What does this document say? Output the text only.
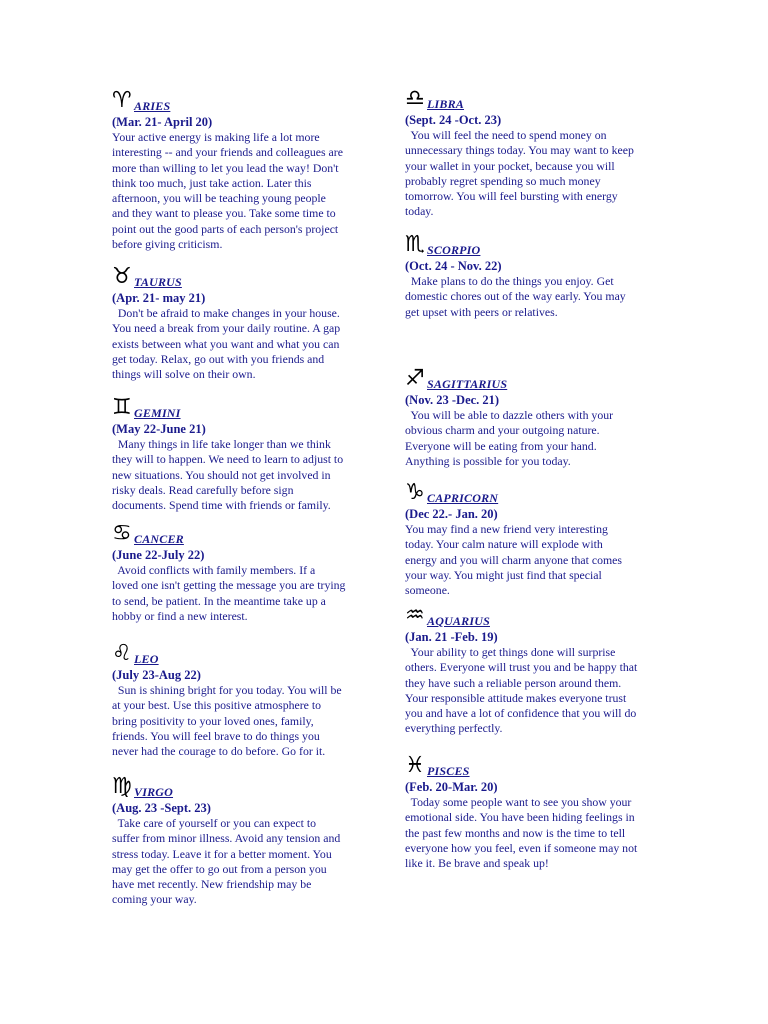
♈ ARIES
(Mar. 21- April 20)

Your active energy is making life a lot more
interesting -- and your friends and colleagues are
more than willing to let you lead the way! Don't
think too much, just take action. Later this
afternoon, you will be teaching young people
and they want to please you. Take some time to
point out the good parts of each person's project
before giving criticism.

♉ TAURUS
(Apr. 21- may 21)

Don't be afraid to make changes in your house.
You need a break from your daily routine. A gap
exists between what you want and what you can
get today. Relax, go out with you friends and
things will solve on their own.

♊ GEMINI
(May 22-June 21)

Many things in life take longer than we think
they will to happen. We need to learn to adjust to
new situations. You should not get involved in
risky deals. Read carefully before sign
documents. Spend time with friends or family.

♋ CANCER
(June 22-July 22)

Avoid conflicts with family members. If a
loved one isn't getting the message you are trying
to send, be patient. In the meantime take up a
hobby or find a new interest.

♌ LEO
(July 23-Aug 22)

Sun is shining bright for you today. You will be
at your best. Use this positive atmosphere to
bring positivity to your loved ones, family,
friends. You will feel brave to do things you
never had the courage to do before. Go for it.

♍ VIRGO
(Aug. 23 -Sept. 23)

Take care of yourself or you can expect to
suffer from minor illness. Avoid any tension and
stress today. Leave it for a better moment. You
may get the offer to go out from a person you
have met recently. New friendship may be
coming your way.

♎ LIBRA
(Sept. 24 -Oct. 23)

You will feel the need to spend money on
unnecessary things today. You may want to keep
your wallet in your pocket, because you will
probably regret spending so much money
tomorrow. You will feel bursting with energy
today.

♏ SCORPIO
(Oct. 24 - Nov. 22)

Make plans to do the things you enjoy. Get
domestic chores out of the way early. You may
get upset with peers or relatives.

♐ SAGITTARIUS
(Nov. 23 -Dec. 21)

You will be able to dazzle others with your
obvious charm and your outgoing nature.
Everyone will be eating from your hand.
Anything is possible for you today.

♑ CAPRICORN
(Dec 22.- Jan. 20)

You may find a new friend very interesting
today. Your calm nature will explode with
energy and you will charm anyone that comes
your way. You might just find that special
someone.

♒ AQUARIUS
(Jan. 21 -Feb. 19)

Your ability to get things done will surprise
others. Everyone will trust you and be happy that
they have such a reliable person around them.
Your responsible attitude makes everyone trust
you and have a lot of confidence that you will do
everything perfectly.

♓ PISCES
(Feb. 20-Mar. 20)

Today some people want to see you show your
emotional side. You have been hiding feelings in
the past few months and now is the time to tell
everyone how you feel, even if someone may not
like it. Be brave and speak up!
